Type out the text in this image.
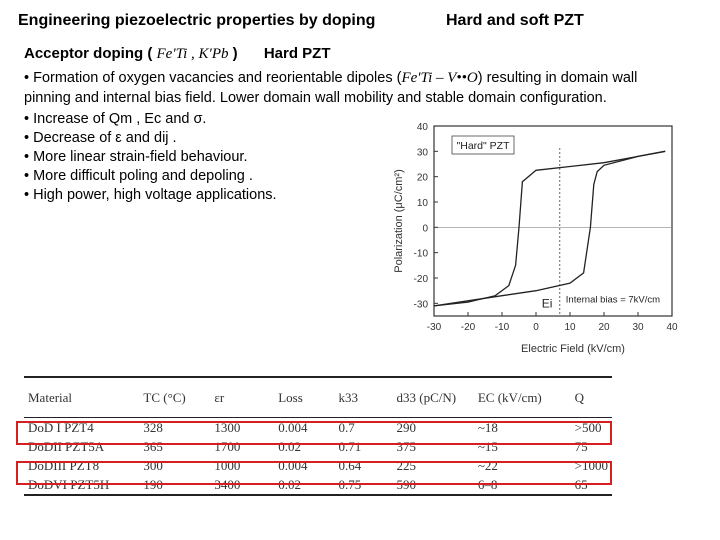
Engineering piezoelectric properties by doping	Hard and soft PZT
Acceptor doping ( Fe′Ti , K′Pb ) Hard PZT
• Formation of oxygen vacancies and reorientable dipoles (Fe′Ti – V••O) resulting in domain wall
pinning and internal bias field. Lower domain wall mobility and stable domain configuration.
• Increase of Qm , Ec and σ.
• Decrease of ε and dij .
• More linear strain-field behaviour.
• More difficult poling and depoling .
• High power, high voltage applications.
-30 -20 -10 0	10 20 30 40
40
30
20
10
0
-10
-20
-30
Electric Field (kV/cm)
Polarization (μC/cm²)
"Hard" PZT
Ei Internal bias = 7kV/cm
Material	TC (°C)	εr	Loss	k33	d33 (pC/N)	EC (kV/cm)	Q
DoD I PZT4	328	1300	0.004	0.7	290	~18	>500
DoDII PZT5A	365	1700	0.02	0.71	375	~15	75
DoDIII PZT8	300	1000	0.004	0.64	225	~22	>1000
DoDVI PZT5H	190	3400	0.02	0.75	590	6–8	65
